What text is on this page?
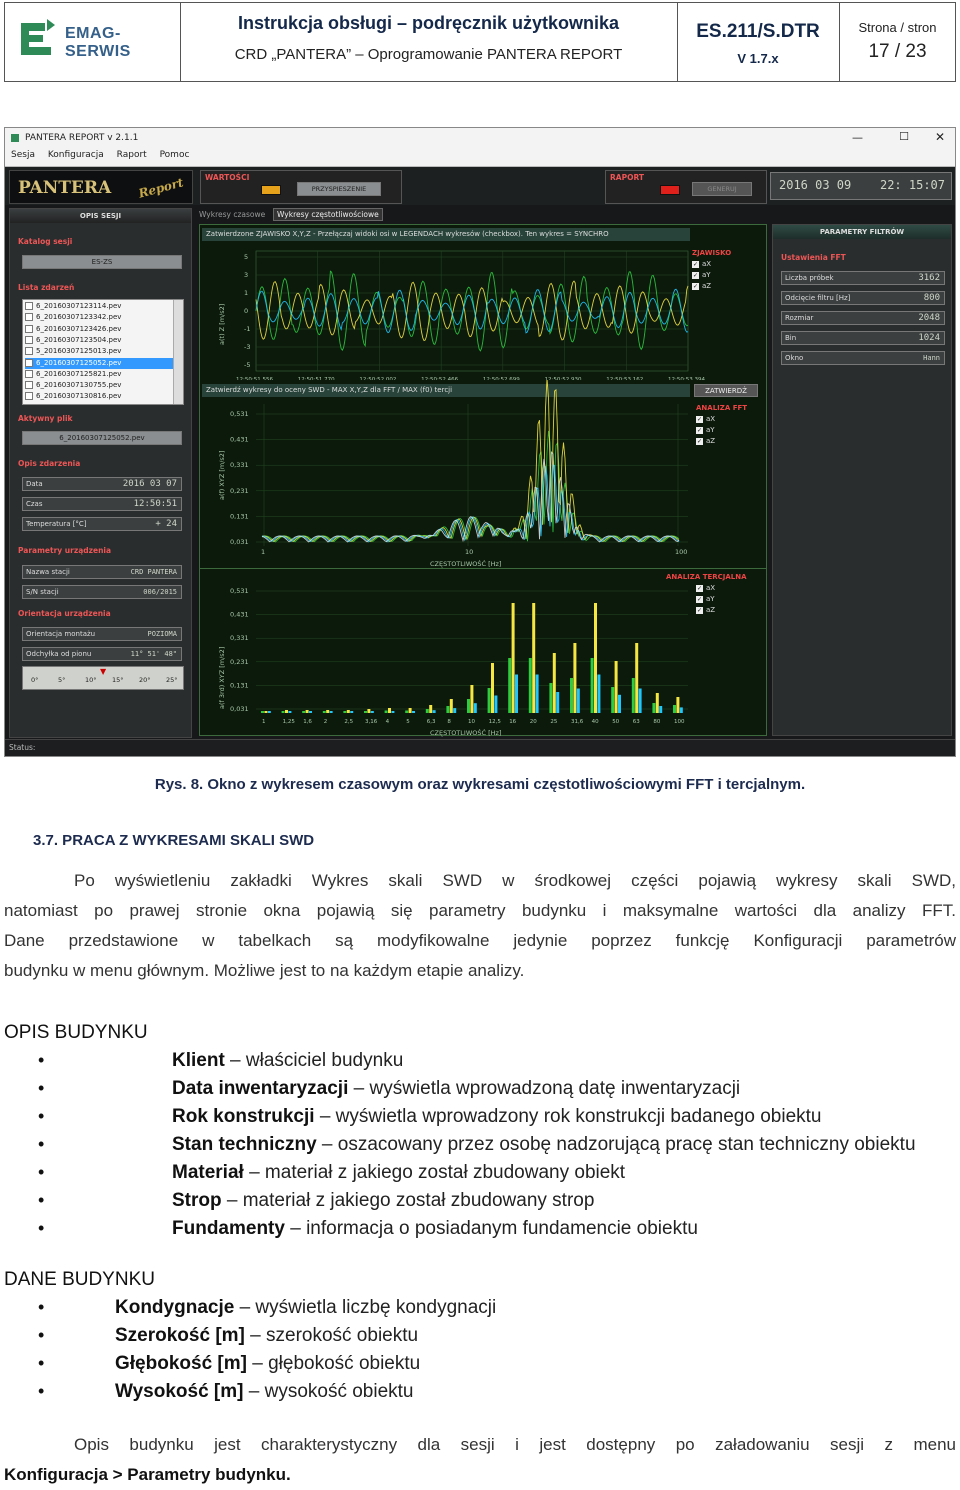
EMAG-SERWIS
Instrukcja obsługi – podręcznik użytkownika
CRD „PANTERA” – Oprogramowanie PANTERA REPORT
ES.211/S.DTR
V 1.7.x
Strona / stron
17 / 23
PANTERA REPORT v 2.1.1	—	☐ ✕
Sesja Konfiguracja Raport Pomoc
PANTERA Report	WARTOŚCI
PRZYSPIESZENIE
RAPORT
GENERUJ	2016 03 09 22: 15:07
OPIS SESJI
Katalog sesji
ES-ZS
Lista zdarzeń
6_20160307123114.pev
6_20160307123342.pev
6_20160307123426.pev
6_20160307123504.pev
5_20160307125013.pev
6_20160307125052.pev
6_20160307125821.pev
6_20160307130755.pev
6_20160307130816.pev
Aktywny plik
6_20160307125052.pev
Opis zdarzenia
Data	2016 03 07
Czas	12:50:51
Temperatura [°C]	+ 24
Parametry urządzenia
Nazwa stacji	CRD PANTERA
S/N stacji	006/2015
Orientacja urządzenia
Orientacja montażu	POZIOMA
Odchyłka od pionu	11° 51' 48"
0°	5°	10° 15° 20° 25°
▼
Wykresy czasowe	Wykresy częstotliwościowe
Zatwierdzone ZJAWISKO X,Y,Z - Przełączaj widoki osi w LEGENDACH wykresów (checkbox). Ten wykres = SYNCHRO
5
3
1
0
-1
-3
-5
a(t) Z [m/s2]
ZJAWISKO
✓ aX
✓ aY
✓ aZ
Zatwierdź wykresy do oceny SWD - MAX X,Y,Z dla FFT / MAX (f0) tercji	ZATWIERDŹ
0,531
0,431
0,331
0,231
0,131
0,031
1	10	100
CZĘSTOTLIWOŚĆ [Hz]
a(f) XYZ [m/s2]
ANALIZA FFT
✓ aX
✓ aY
✓ aZ
0,531
0,431
0,331
0,231
0,131
0,031
1	1,25 1,6 2	2,5 3,16 4	5	6,3 8	10 12,5 16 20 25 31,6 40 50 63 80 100
CZĘSTOTLIWOŚĆ [Hz]
a(f 3rd) XYZ [m/s2]
ANALIZA TERCJALNA
✓ aX
✓ aY
✓ aZ
PARAMETRY FILTRÓW
Ustawienia FFT
Liczba próbek	3162
Odcięcie filtru [Hz]	800
Rozmiar	2048
Bin	1024
Okno	Hann
Status:
Rys. 8. Okno z wykresem czasowym oraz wykresami częstotliwościowymi FFT i tercjalnym.
3.7. PRACA Z WYKRESAMI SKALI SWD
Po wyświetleniu zakładki Wykres skali SWD w środkowej części pojawią wykresy skali SWD,
natomiast po prawej stronie okna pojawią się parametry budynku i maksymalne wartości dla analizy FFT.
Dane przedstawione w tabelkach są modyfikowalne jedynie poprzez funkcję Konfiguracji parametrów
budynku w menu głównym. Możliwe jest to na każdym etapie analizy.
OPIS BUDYNKU
•	Klient – właściciel budynku
•	Data inwentaryzacji – wyświetla wprowadzoną datę inwentaryzacji
•	Rok konstrukcji – wyświetla wprowadzony rok konstrukcji badanego obiektu
•	Stan techniczny – oszacowany przez osobę nadzorującą pracę stan techniczny obiektu
•	Materiał – materiał z jakiego został zbudowany obiekt
•	Strop – materiał z jakiego został zbudowany strop
•	Fundamenty – informacja o posiadanym fundamencie obiektu
DANE BUDYNKU
•	Kondygnacje – wyświetla liczbę kondygnacji
•	Szerokość [m] – szerokość obiektu
•	Głębokość [m] – głębokość obiektu
•	Wysokość [m] – wysokość obiektu
Opis budynku jest charakterystyczny dla sesji i jest dostępny po załadowaniu sesji z menu
Konfiguracja > Parametry budynku.
